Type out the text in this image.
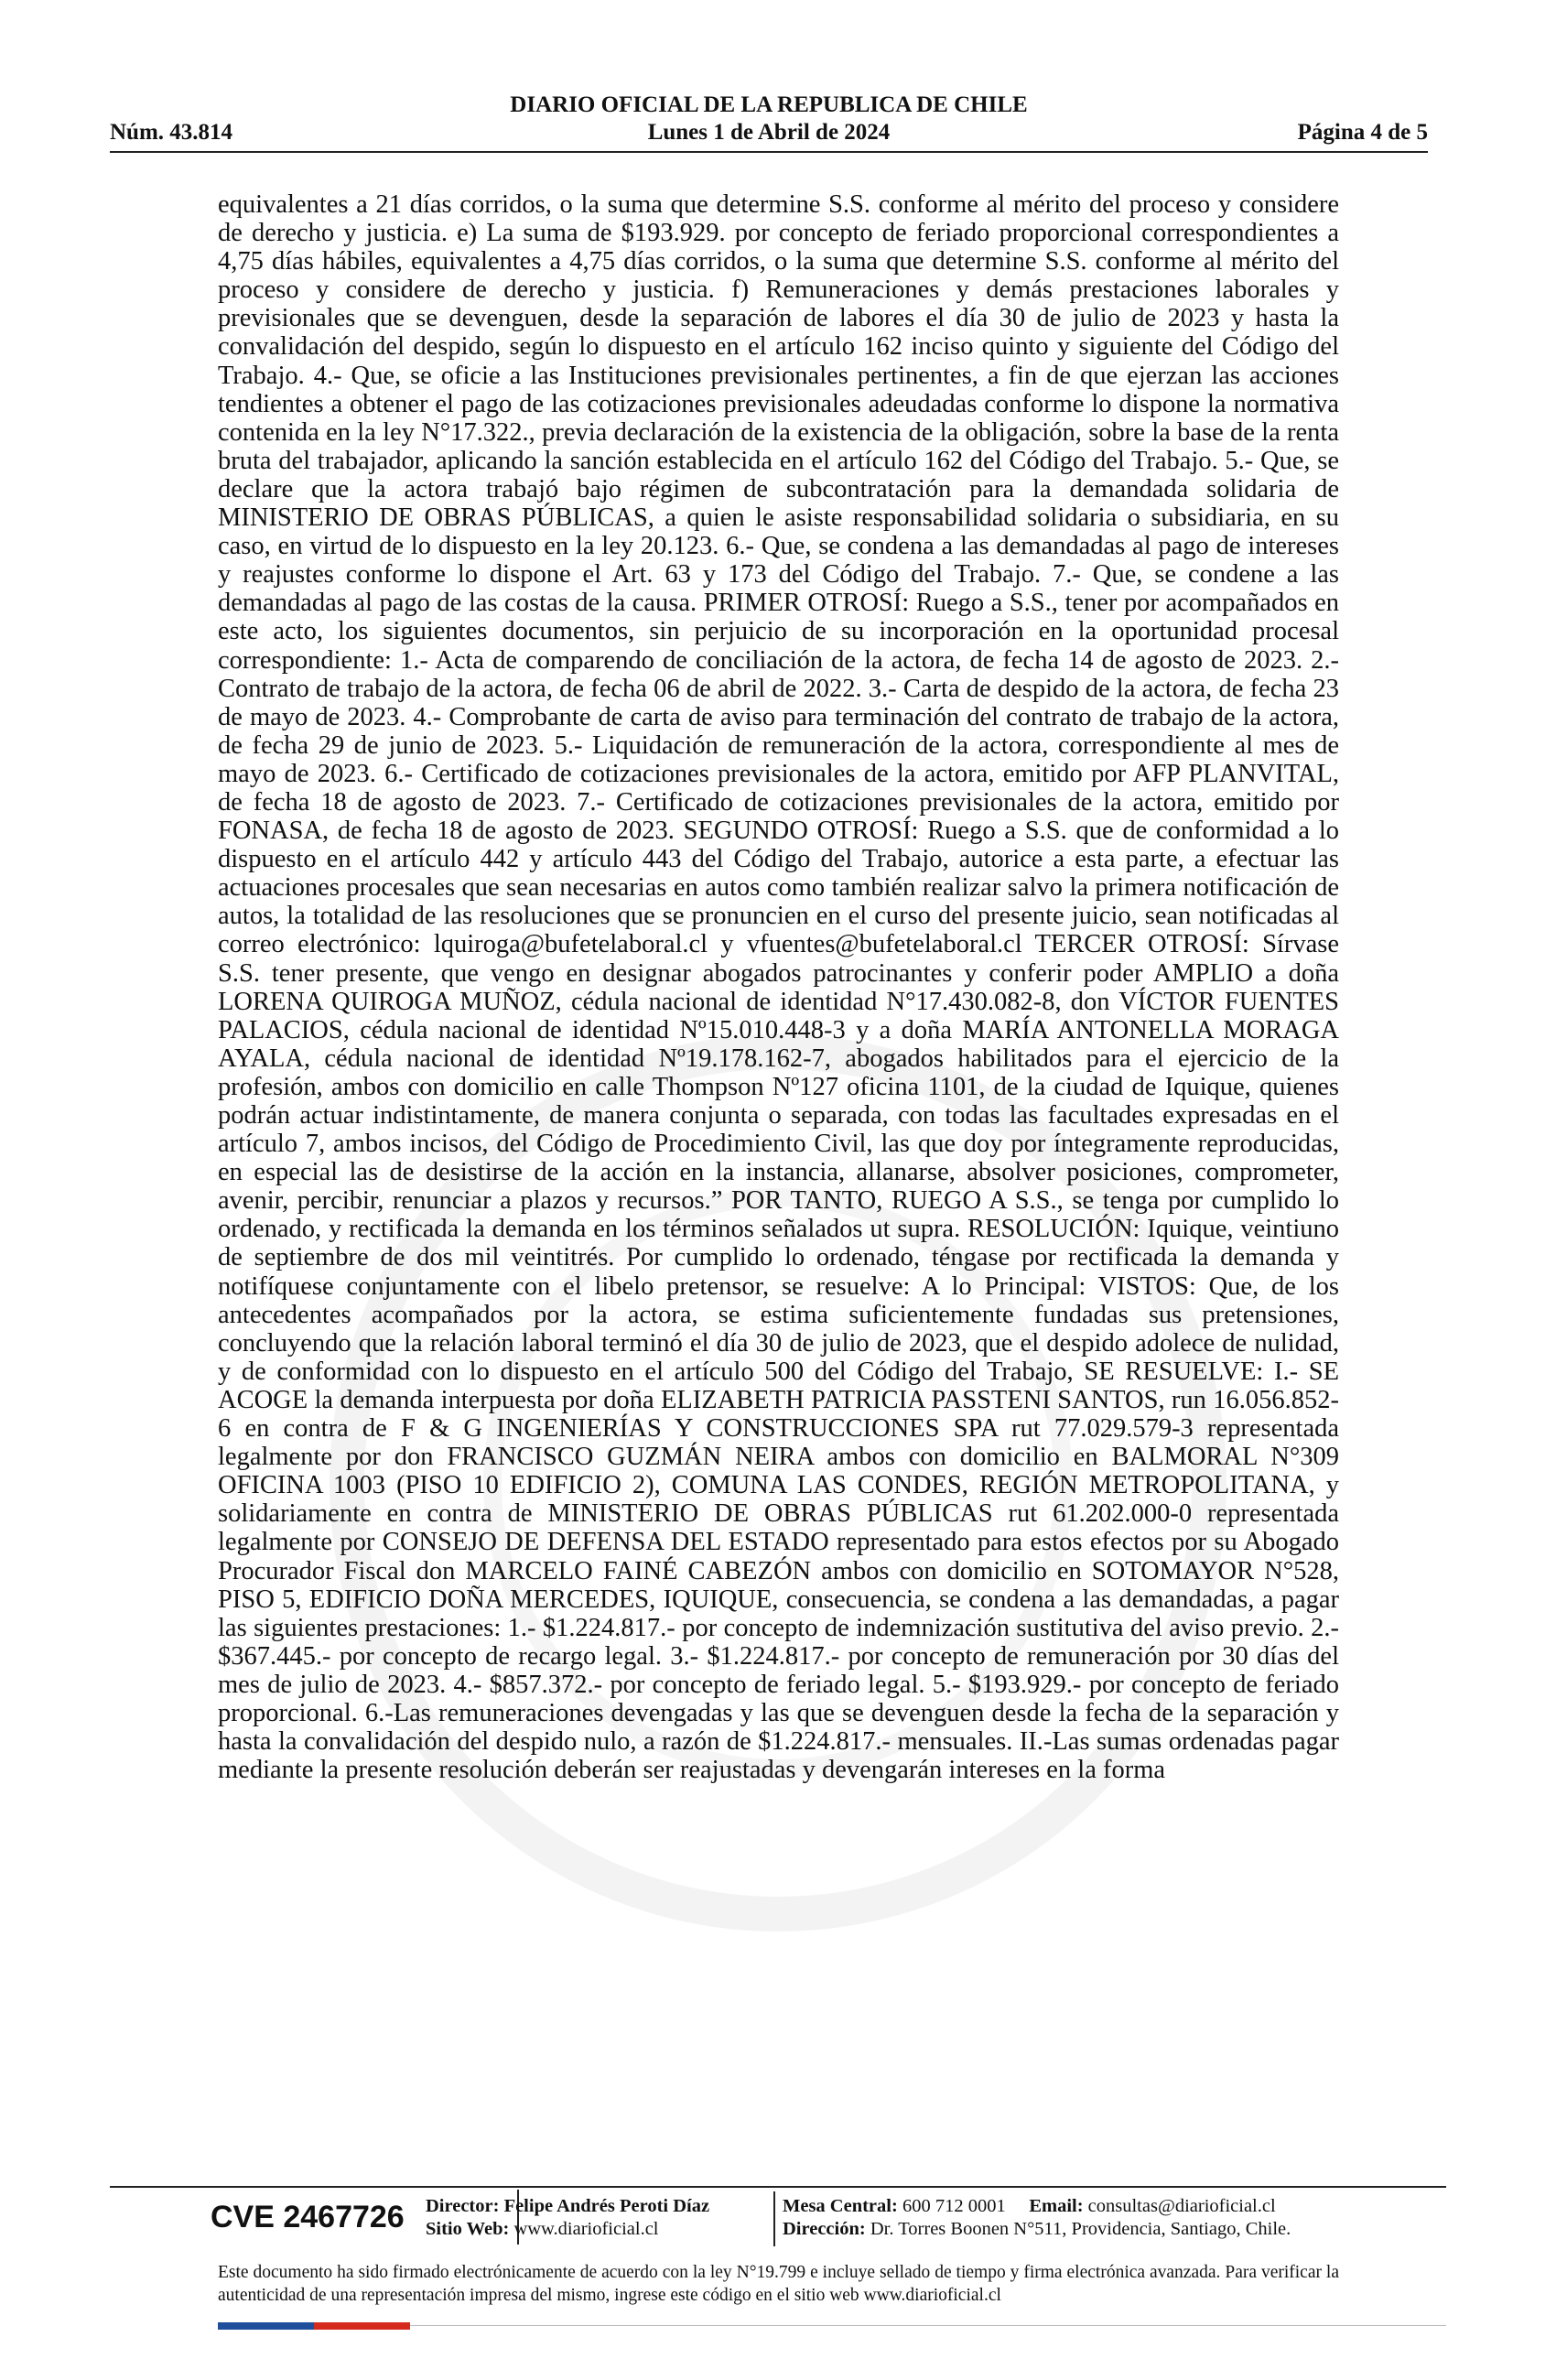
DIARIO OFICIAL DE LA REPUBLICA DE CHILE
Núm. 43.814	Lunes 1 de Abril de 2024	Página 4 de 5
equivalentes a 21 días corridos, o la suma que determine S.S. conforme al mérito del proceso y considere de derecho y justicia. e) La suma de $193.929. por concepto de feriado proporcional correspondientes a 4,75 días hábiles, equivalentes a 4,75 días corridos, o la suma que determine S.S. conforme al mérito del proceso y considere de derecho y justicia. f) Remuneraciones y demás prestaciones laborales y previsionales que se devenguen, desde la separación de labores el día 30 de julio de 2023 y hasta la convalidación del despido, según lo dispuesto en el artículo 162 inciso quinto y siguiente del Código del Trabajo. 4.- Que, se oficie a las Instituciones previsionales pertinentes, a fin de que ejerzan las acciones tendientes a obtener el pago de las cotizaciones previsionales adeudadas conforme lo dispone la normativa contenida en la ley N°17.322., previa declaración de la existencia de la obligación, sobre la base de la renta bruta del trabajador, aplicando la sanción establecida en el artículo 162 del Código del Trabajo. 5.- Que, se declare que la actora trabajó bajo régimen de subcontratación para la demandada solidaria de MINISTERIO DE OBRAS PÚBLICAS, a quien le asiste responsabilidad solidaria o subsidiaria, en su caso, en virtud de lo dispuesto en la ley 20.123. 6.- Que, se condena a las demandadas al pago de intereses y reajustes conforme lo dispone el Art. 63 y 173 del Código del Trabajo. 7.- Que, se condene a las demandadas al pago de las costas de la causa. PRIMER OTROSÍ: Ruego a S.S., tener por acompañados en este acto, los siguientes documentos, sin perjuicio de su incorporación en la oportunidad procesal correspondiente: 1.- Acta de comparendo de conciliación de la actora, de fecha 14 de agosto de 2023. 2.- Contrato de trabajo de la actora, de fecha 06 de abril de 2022. 3.- Carta de despido de la actora, de fecha 23 de mayo de 2023. 4.- Comprobante de carta de aviso para terminación del contrato de trabajo de la actora, de fecha 29 de junio de 2023. 5.- Liquidación de remuneración de la actora, correspondiente al mes de mayo de 2023. 6.- Certificado de cotizaciones previsionales de la actora, emitido por AFP PLANVITAL, de fecha 18 de agosto de 2023. 7.- Certificado de cotizaciones previsionales de la actora, emitido por FONASA, de fecha 18 de agosto de 2023. SEGUNDO OTROSÍ: Ruego a S.S. que de conformidad a lo dispuesto en el artículo 442 y artículo 443 del Código del Trabajo, autorice a esta parte, a efectuar las actuaciones procesales que sean necesarias en autos como también realizar salvo la primera notificación de autos, la totalidad de las resoluciones que se pronuncien en el curso del presente juicio, sean notificadas al correo electrónico: lquiroga@bufetelaboral.cl y vfuentes@bufetelaboral.cl TERCER OTROSÍ: Sírvase S.S. tener presente, que vengo en designar abogados patrocinantes y conferir poder AMPLIO a doña LORENA QUIROGA MUÑOZ, cédula nacional de identidad N°17.430.082-8, don VÍCTOR FUENTES PALACIOS, cédula nacional de identidad Nº15.010.448-3 y a doña MARÍA ANTONELLA MORAGA AYALA, cédula nacional de identidad Nº19.178.162-7, abogados habilitados para el ejercicio de la profesión, ambos con domicilio en calle Thompson Nº127 oficina 1101, de la ciudad de Iquique, quienes podrán actuar indistintamente, de manera conjunta o separada, con todas las facultades expresadas en el artículo 7, ambos incisos, del Código de Procedimiento Civil, las que doy por íntegramente reproducidas, en especial las de desistirse de la acción en la instancia, allanarse, absolver posiciones, comprometer, avenir, percibir, renunciar a plazos y recursos.” POR TANTO, RUEGO A S.S., se tenga por cumplido lo ordenado, y rectificada la demanda en los términos señalados ut supra. RESOLUCIÓN: Iquique, veintiuno de septiembre de dos mil veintitrés. Por cumplido lo ordenado, téngase por rectificada la demanda y notifíquese conjuntamente con el libelo pretensor, se resuelve: A lo Principal: VISTOS: Que, de los antecedentes acompañados por la actora, se estima suficientemente fundadas sus pretensiones, concluyendo que la relación laboral terminó el día 30 de julio de 2023, que el despido adolece de nulidad, y de conformidad con lo dispuesto en el artículo 500 del Código del Trabajo, SE RESUELVE: I.- SE ACOGE la demanda interpuesta por doña ELIZABETH PATRICIA PASSTENI SANTOS, run 16.056.852-6 en contra de F & G INGENIERÍAS Y CONSTRUCCIONES SPA rut 77.029.579-3 representada legalmente por don FRANCISCO GUZMÁN NEIRA ambos con domicilio en BALMORAL N°309 OFICINA 1003 (PISO 10 EDIFICIO 2), COMUNA LAS CONDES, REGIÓN METROPOLITANA, y solidariamente en contra de MINISTERIO DE OBRAS PÚBLICAS rut 61.202.000-0 representada legalmente por CONSEJO DE DEFENSA DEL ESTADO representado para estos efectos por su Abogado Procurador Fiscal don MARCELO FAINÉ CABEZÓN ambos con domicilio en SOTOMAYOR N°528, PISO 5, EDIFICIO DOÑA MERCEDES, IQUIQUE, consecuencia, se condena a las demandadas, a pagar las siguientes prestaciones: 1.- $1.224.817.- por concepto de indemnización sustitutiva del aviso previo. 2.- $367.445.- por concepto de recargo legal. 3.- $1.224.817.- por concepto de remuneración por 30 días del mes de julio de 2023. 4.- $857.372.- por concepto de feriado legal. 5.- $193.929.- por concepto de feriado proporcional. 6.-Las remuneraciones devengadas y las que se devenguen desde la fecha de la separación y hasta la convalidación del despido nulo, a razón de $1.224.817.- mensuales. II.-Las sumas ordenadas pagar mediante la presente resolución deberán ser reajustadas y devengarán intereses en la forma
CVE 2467726	Director: Felipe Andrés Peroti Díaz
Sitio Web: www.diarioficial.cl
Mesa Central: 600 712 0001 Email: consultas@diarioficial.cl
Dirección: Dr. Torres Boonen N°511, Providencia, Santiago, Chile.
Este documento ha sido firmado electrónicamente de acuerdo con la ley N°19.799 e incluye sellado de tiempo y firma electrónica avanzada. Para verificar la autenticidad de una representación impresa del mismo, ingrese este código en el sitio web www.diarioficial.cl
